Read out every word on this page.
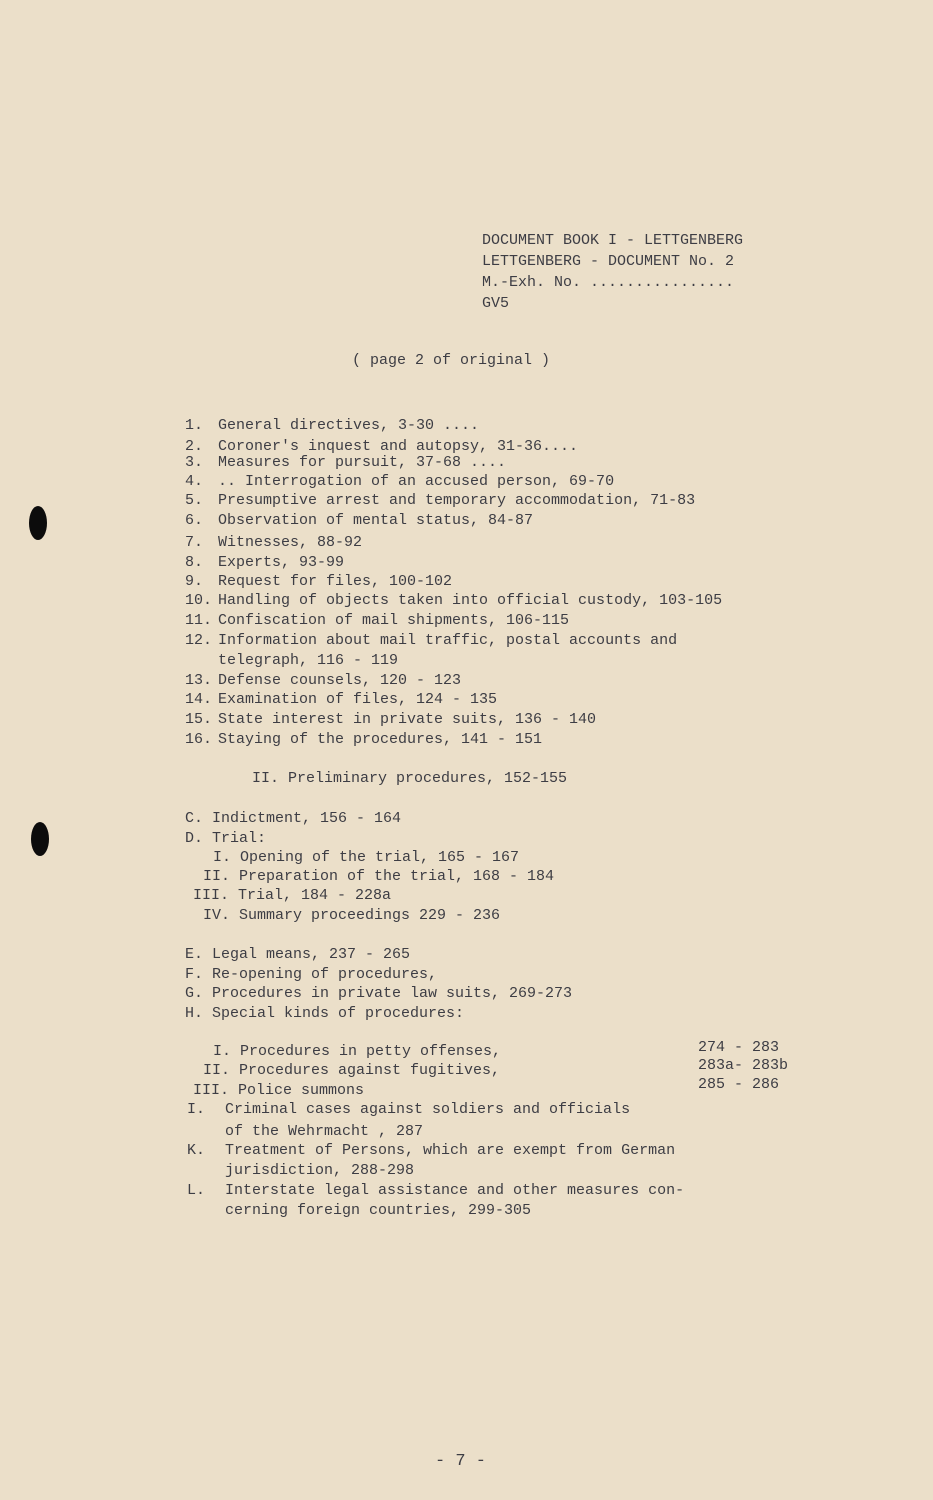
DOCUMENT BOOK I - LETTGENBERG
LETTGENBERG - DOCUMENT No. 2
M.-Exh. No. ................
GV5
( page 2 of original )
1. General directives, 3-30 ....
2. Coroner's inquest and autopsy, 31-36....
3. Measures for pursuit, 37-68 ....
4. .. Interrogation of an accused person, 69-70
5. Presumptive arrest and temporary accommodation, 71-83
6. Observation of mental status, 84-87
7. Witnesses, 88-92
8. Experts, 93-99
9. Request for files, 100-102
10. Handling of objects taken into official custody, 103-105
11. Confiscation of mail shipments, 106-115
12. Information about mail traffic, postal accounts and
telegraph, 116 - 119
13. Defense counsels, 120 - 123
14. Examination of files, 124 - 135
15. State interest in private suits, 136 - 140
16. Staying of the procedures, 141 - 151
II. Preliminary procedures, 152-155
C. Indictment, 156 - 164
D. Trial:
I. Opening of the trial, 165 - 167
II. Preparation of the trial, 168 - 184
III. Trial, 184 - 228a
IV. Summary proceedings 229 - 236
E. Legal means, 237 - 265
F. Re-opening of procedures,
G. Procedures in private law suits, 269-273
H. Special kinds of procedures:
I. Procedures in petty offenses,	274 - 283
II. Procedures against fugitives,	283a- 283b
III. Police summons	285 - 286
I. Criminal cases against soldiers and officials
of the Wehrmacht , 287
K. Treatment of Persons, which are exempt from German
jurisdiction, 288-298
L. Interstate legal assistance and other measures con-
cerning foreign countries, 299-305
- 7 -
